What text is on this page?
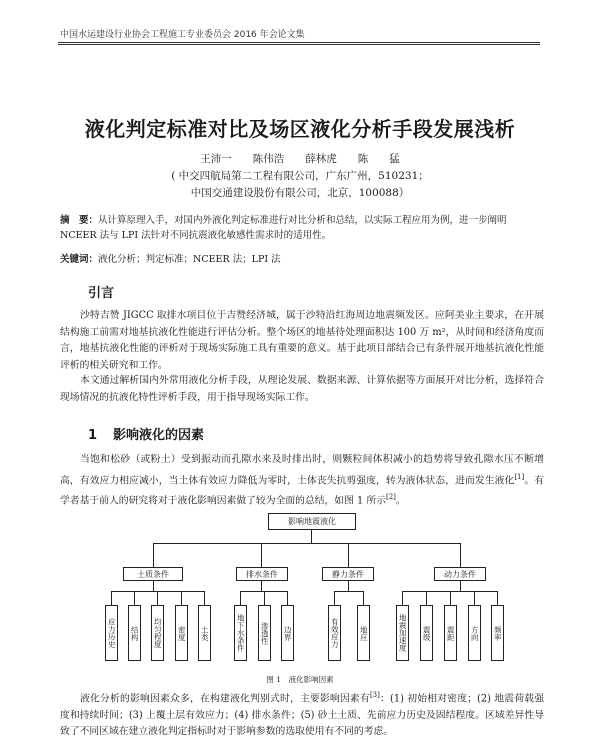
中国水运建设行业协会工程施工专业委员会 2016 年会论文集
液化判定标准对比及场区液化分析手段发展浅析
王沛一　　陈伟浩　　薛林虎　　陈　　猛
( 中交四航局第二工程有限公司，广东广州，510231；
中国交通建设股份有限公司，北京，100088）
摘　要：从计算原理入手，对国内外液化判定标准进行对比分析和总结，以实际工程应用为例，进一步阐明 NCEER 法与 LPI 法针对不同抗震液化敏感性需求时的适用性。
关键词：液化分析；判定标准；NCEER 法；LPI 法
引言
沙特吉赞 JIGCC 取排水项目位于吉赞经济城，属于沙特沿红海周边地震频发区。应阿美业主要求，在开展结构施工前需对地基抗液化性能进行评估分析。整个场区的地基待处理面积达 100 万 m²，从时间和经济角度而言，地基抗液化性能的评析对于现场实际施工具有重要的意义。基于此项目部结合已有条件展开地基抗液化性能评析的相关研究和工作。
本文通过解析国内外常用液化分析手段，从理论发展、数据来源、计算依据等方面展开对比分析，选择符合现场情况的抗液化特性评析手段，用于指导现场实际工作。
1 影响液化的因素
当饱和松砂（或粉土）受到振动而孔隙水来及时排出时，则颗粒间体积减小的趋势将导致孔隙水压不断增高，有效应力相应减小，当土体有效应力降低为零时，土体丧失抗剪强度，转为液体状态，进而发生液化[1]。有学者基于前人的研究将对于液化影响因素做了较为全面的总结，如图 1 所示[2]。
影响地震液化
土质条件	排水条件	静力条件	动力条件
应力历史	结构	均匀程度	密度	土类	地下水条件	渗透性	边界	有效应力	地应	地震加速度	震级	震距	方向	频率
图 1　液化影响因素
液化分析的影响因素众多，在构建液化判别式时，主要影响因素有[3]：(1) 初始相对密度；(2) 地震荷载强度和持续时间；(3) 上覆土层有效应力；(4) 排水条件；(5) 砂土土质、先前应力历史及固结程度。区域差异性导致了不同区域在建立液化判定指标时对于影响参数的选取使用有不同的考虑。
